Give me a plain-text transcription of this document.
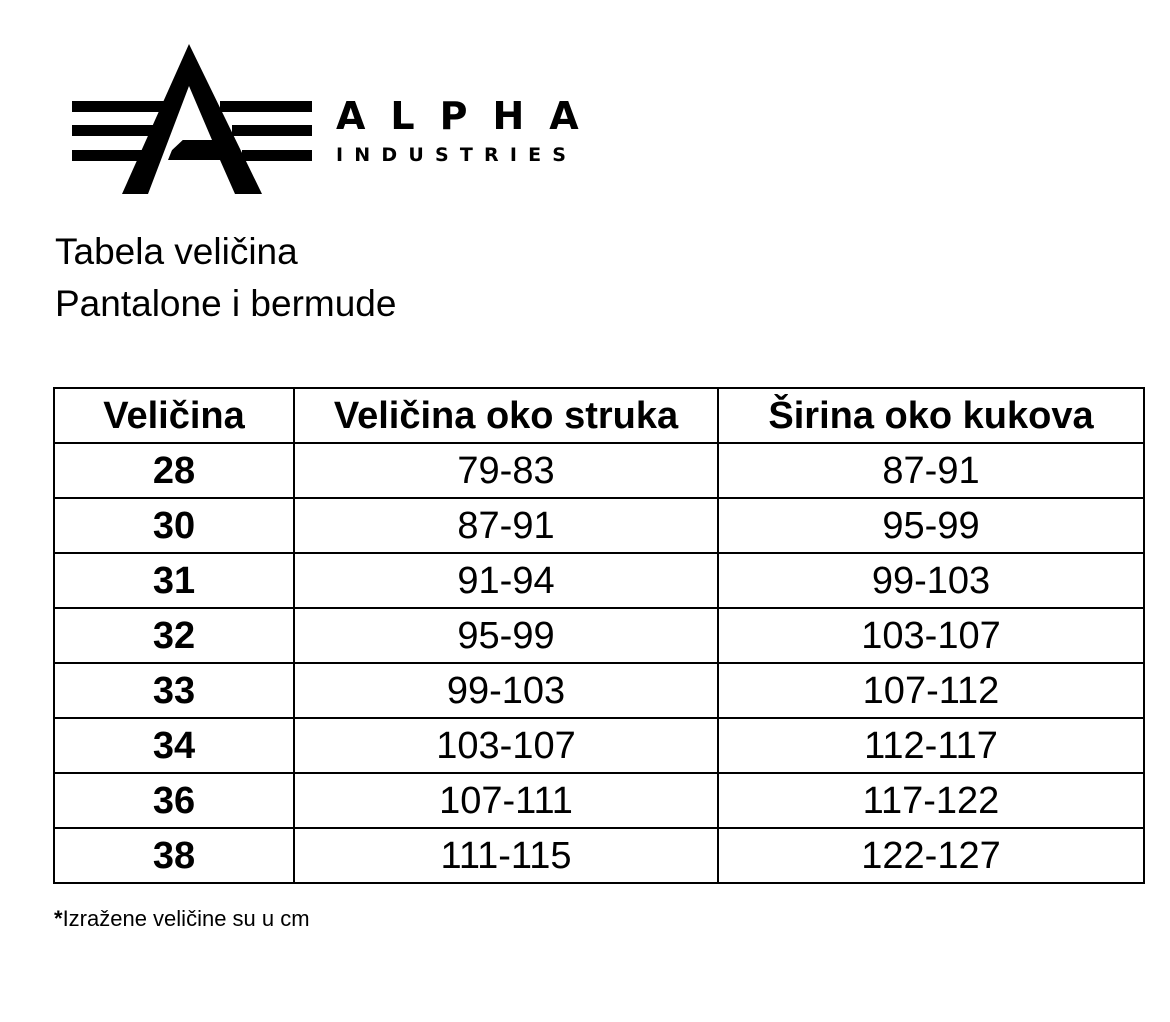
ALPHA
INDUSTRIES
Tabela veličina
Pantalone i bermude
Veličina	Veličina oko struka	Širina oko kukova
28	79-83	87-91
30	87-91	95-99
31	91-94	99-103
32	95-99	103-107
33	99-103	107-112
34	103-107	112-117
36	107-111	117-122
38	111-115	122-127
*Izražene veličine su u cm
